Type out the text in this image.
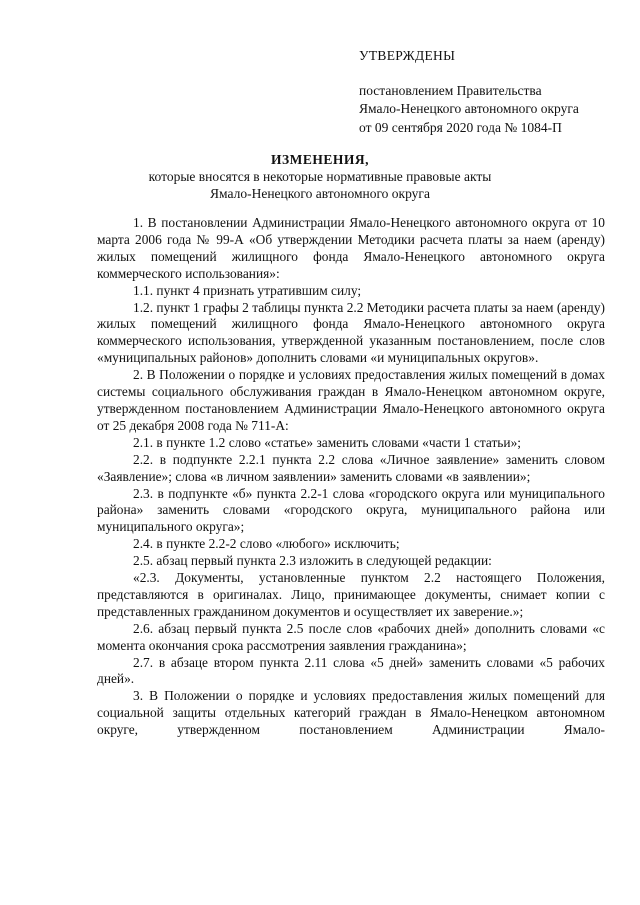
УТВЕРЖДЕНЫ
постановлением Правительства
Ямало-Ненецкого автономного округа
от 09 сентября 2020 года № 1084-П
ИЗМЕНЕНИЯ,
которые вносятся в некоторые нормативные правовые акты
Ямало-Ненецкого автономного округа

1. В постановлении Администрации Ямало-Ненецкого автономного округа от 10 марта 2006 года № 99-А «Об утверждении Методики расчета платы за наем (аренду) жилых помещений жилищного фонда Ямало-Ненецкого автономного округа коммерческого использования»:

1.1. пункт 4 признать утратившим силу;

1.2. пункт 1 графы 2 таблицы пункта 2.2 Методики расчета платы за наем (аренду) жилых помещений жилищного фонда Ямало-Ненецкого автономного округа коммерческого использования, утвержденной указанным постановлением, после слов «муниципальных районов» дополнить словами «и муниципальных округов».

2. В Положении о порядке и условиях предоставления жилых помещений в домах системы социального обслуживания граждан в Ямало-Ненецком автономном округе, утвержденном постановлением Администрации Ямало-Ненецкого автономного округа от 25 декабря 2008 года № 711-А:

2.1. в пункте 1.2 слово «статье» заменить словами «части 1 статьи»;

2.2. в подпункте 2.2.1 пункта 2.2 слова «Личное заявление» заменить словом «Заявление»; слова «в личном заявлении» заменить словами «в заявлении»;

2.3. в подпункте «б» пункта 2.2-1 слова «городского округа или муниципального района» заменить словами «городского округа, муниципального района или муниципального округа»;

2.4. в пункте 2.2-2 слово «любого» исключить;

2.5. абзац первый пункта 2.3 изложить в следующей редакции:

«2.3. Документы, установленные пунктом 2.2 настоящего Положения, представляются в оригиналах. Лицо, принимающее документы, снимает копии с представленных гражданином документов и осуществляет их заверение.»;

2.6. абзац первый пункта 2.5 после слов «рабочих дней» дополнить словами «с момента окончания срока рассмотрения заявления гражданина»;

2.7. в абзаце втором пункта 2.11 слова «5 дней» заменить словами «5 рабочих дней».

3. В Положении о порядке и условиях предоставления жилых помещений для социальной защиты отдельных категорий граждан в Ямало-Ненецком автономном округе, утвержденном постановлением Администрации Ямало-
